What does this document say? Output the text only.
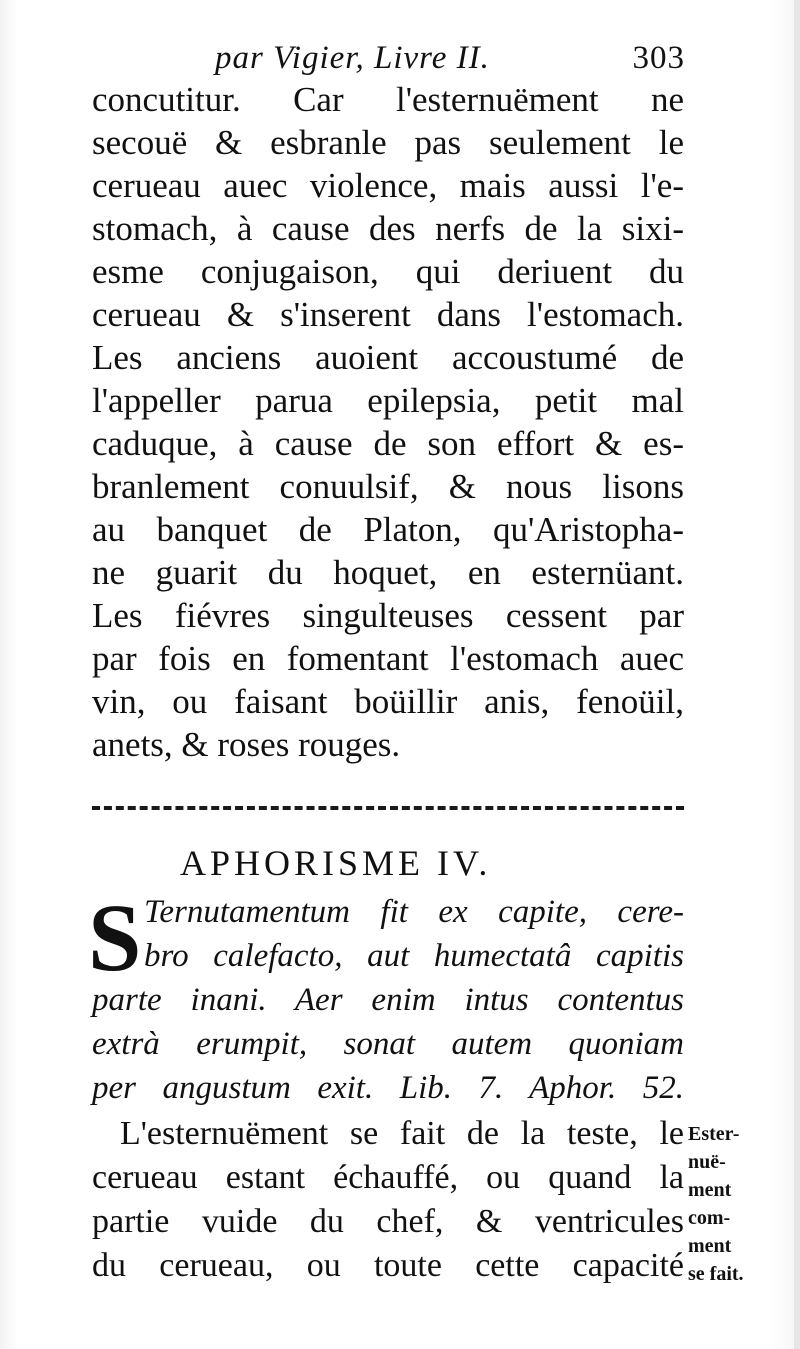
par Vigier, Livre II.	303
concutitur. Car l'esternuëment ne
secouë & esbranle pas seulement le
cerueau auec violence, mais aussi l'e-
stomach, à cause des nerfs de la sixi-
esme conjugaison, qui deriuent du
cerueau & s'inserent dans l'estomach.
Les anciens auoient accoustumé de
l'appeller parua epilepsia, petit mal
caduque, à cause de son effort & es-
branlement conuulsif, & nous lisons
au banquet de Platon, qu'Aristopha-
ne guarit du hoquet, en esternüant.
Les fiévres singulteuses cessent par
par fois en fomentant l'estomach auec
vin, ou faisant boüillir anis, fenoüil,
anets, & roses rouges.
APHORISME IV.
S Ternutamentum fit ex capite, cere-
bro calefacto, aut humectatâ capitis
parte inani. Aer enim intus contentus
extrà erumpit, sonat autem quoniam
per angustum exit. Lib. 7. Aphor. 52.
L'esternuëment se fait de la teste, le
cerueau estant échauffé, ou quand la
partie vuide du chef, & ventricules
du cerueau, ou toute cette capacité
Ester-
nuë-
ment
com-
ment
se fait.
